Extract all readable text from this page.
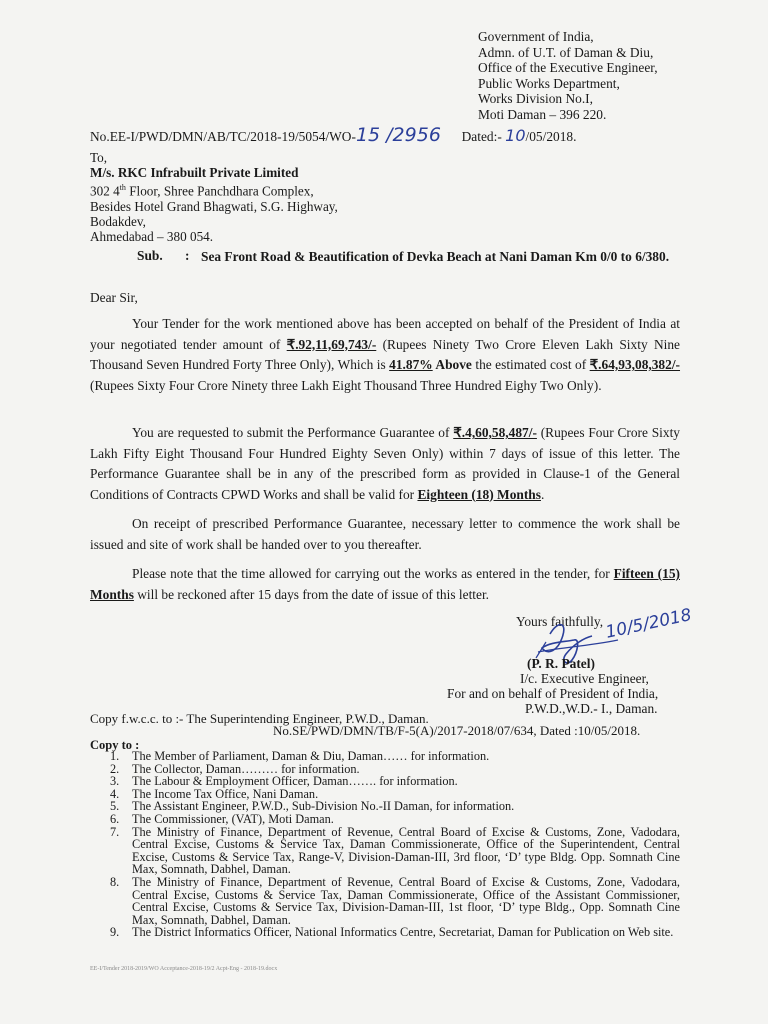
Government of India,
Admn. of U.T. of Daman & Diu,
Office of the Executive Engineer,
Public Works Department,
Works Division No.I,
Moti Daman – 396 220.
No.EE-I/PWD/DMN/AB/TC/2018-19/5054/WO-15 /2956 Dated:- 10/05/2018.
To,
M/s. RKC Infrabuilt Private Limited
302 4th Floor, Shree Panchdhara Complex,
Besides Hotel Grand Bhagwati, S.G. Highway,
Bodakdev,
Ahmedabad – 380 054.
Sub. : Sea Front Road & Beautification of Devka Beach at Nani Daman Km 0/0 to 6/380.
Dear Sir,
Your Tender for the work mentioned above has been accepted on behalf of the President of India at your negotiated tender amount of ₹.92,11,69,743/- (Rupees Ninety Two Crore Eleven Lakh Sixty Nine Thousand Seven Hundred Forty Three Only), Which is 41.87% Above the estimated cost of ₹.64,93,08,382/- (Rupees Sixty Four Crore Ninety three Lakh Eight Thousand Three Hundred Eighy Two Only).
You are requested to submit the Performance Guarantee of ₹.4,60,58,487/- (Rupees Four Crore Sixty Lakh Fifty Eight Thousand Four Hundred Eighty Seven Only) within 7 days of issue of this letter. The Performance Guarantee shall be in any of the prescribed form as provided in Clause-1 of the General Conditions of Contracts CPWD Works and shall be valid for Eighteen (18) Months.
On receipt of prescribed Performance Guarantee, necessary letter to commence the work shall be issued and site of work shall be handed over to you thereafter.
Please note that the time allowed for carrying out the works as entered in the tender, for Fifteen (15) Months will be reckoned after 15 days from the date of issue of this letter.
Yours faithfully, 10/5/2018
(P. R. Patel)
I/c. Executive Engineer,
For and on behalf of President of India,
P.W.D.,W.D.- I., Daman.
Copy f.w.c.c. to :- The Superintending Engineer, P.W.D., Daman.
No.SE/PWD/DMN/TB/F-5(A)/2017-2018/07/634, Dated :10/05/2018.
Copy to :
1.	The Member of Parliament, Daman & Diu, Daman…… for information.
2.	The Collector, Daman……… for information.
3.	The Labour & Employment Officer, Daman……. for information.
4.	The Income Tax Office, Nani Daman.
5.	The Assistant Engineer, P.W.D., Sub-Division No.-II Daman, for information.
6.	The Commissioner, (VAT), Moti Daman.
7.	The Ministry of Finance, Department of Revenue, Central Board of Excise & Customs, Zone, Vadodara, Central Excise, Customs & Service Tax, Daman Commissionerate, Office of the Superintendent, Central Excise, Customs & Service Tax, Range-V, Division-Daman-III, 3rd floor, ‘D’ type Bldg. Opp. Somnath Cine Max, Somnath, Dabhel, Daman.
8.	The Ministry of Finance, Department of Revenue, Central Board of Excise & Customs, Zone, Vadodara, Central Excise, Customs & Service Tax, Daman Commissionerate, Office of the Assistant Commissioner, Central Excise, Customs & Service Tax, Division-Daman-III, 1st floor, ‘D’ type Bldg., Opp. Somnath Cine Max, Somnath, Dabhel, Daman.
9.	The District Informatics Officer, National Informatics Centre, Secretariat, Daman for Publication on Web site.
EE-I/Tender 2018-2019/WO Acceptance-2018-19/2 Acpt-Eng - 2018-19.docx
